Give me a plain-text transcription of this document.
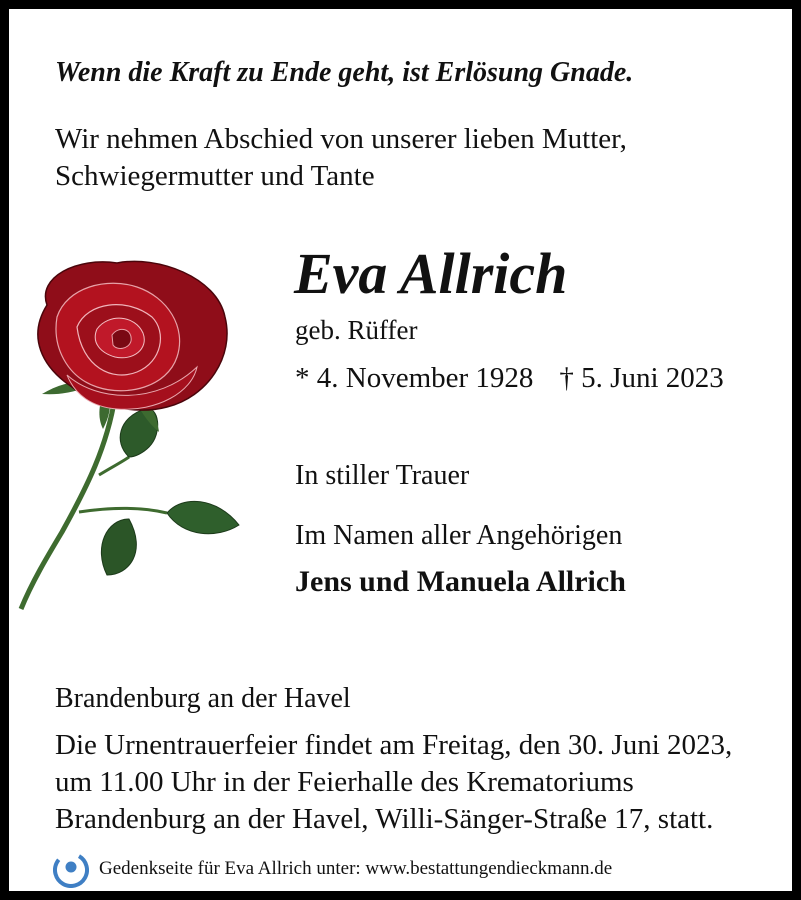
Wenn die Kraft zu Ende geht, ist Erlösung Gnade.
Wir nehmen Abschied von unserer lieben Mutter,
Schwiegermutter und Tante
Eva Allrich
geb. Rüffer
* 4. November 1928 † 5. Juni 2023
In stiller Trauer
Im Namen aller Angehörigen
Jens und Manuela Allrich
Brandenburg an der Havel
Die Urnentrauerfeier findet am Freitag, den 30. Juni 2023,
um 11.00 Uhr in der Feierhalle des Krematoriums
Brandenburg an der Havel, Willi-Sänger-Straße 17, statt.
Gedenkseite für Eva Allrich unter: www.bestattungendieckmann.de
